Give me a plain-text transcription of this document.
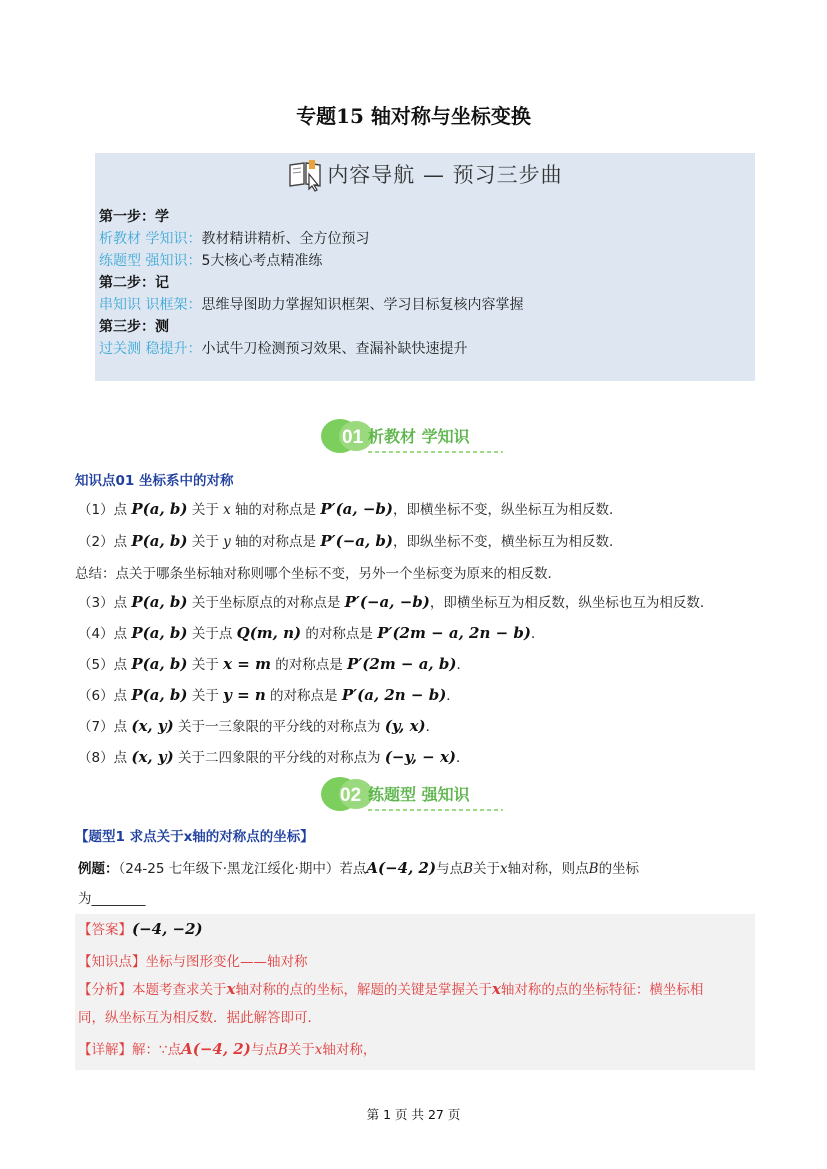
专题15 轴对称与坐标变换
内容导航 — 预习三步曲
第一步：学
析教材 学知识：教材精讲精析、全方位预习
练题型 强知识：5大核心考点精准练
第二步：记
串知识 识框架：思维导图助力掌握知识框架、学习目标复核内容掌握
第三步：测
过关测 稳提升：小试牛刀检测预习效果、查漏补缺快速提升
01 析教材 学知识
知识点01 坐标系中的对称
（1）点 P(a, b) 关于 x 轴的对称点是 P′(a, −b)，即横坐标不变，纵坐标互为相反数．
（2）点 P(a, b) 关于 y 轴的对称点是 P′(−a, b)，即纵坐标不变，横坐标互为相反数．
总结：点关于哪条坐标轴对称则哪个坐标不变，另外一个坐标变为原来的相反数．
（3）点 P(a, b) 关于坐标原点的对称点是 P′(−a, −b)，即横坐标互为相反数，纵坐标也互为相反数．
（4）点 P(a, b) 关于点 Q(m, n) 的对称点是 P′(2m − a, 2n − b)．
（5）点 P(a, b) 关于 x = m 的对称点是 P′(2m − a, b)．
（6）点 P(a, b) 关于 y = n 的对称点是 P′(a, 2n − b)．
（7）点 (x, y) 关于一三象限的平分线的对称点为 (y, x)．
（8）点 (x, y) 关于二四象限的平分线的对称点为 (−y, − x)．
02 练题型 强知识
【题型1 求点关于x轴的对称点的坐标】
例题：（24-25 七年级下·黑龙江绥化·期中）若点A(−4, 2)与点B关于x轴对称，则点B的坐标
为________
【答案】(−4, −2)
【知识点】坐标与图形变化——轴对称
【分析】本题考查求关于x轴对称的点的坐标，解题的关键是掌握关于x轴对称的点的坐标特征：横坐标相
同，纵坐标互为相反数．据此解答即可．
【详解】解：∵点A(−4, 2)与点B关于x轴对称，
第 1 页 共 27 页
